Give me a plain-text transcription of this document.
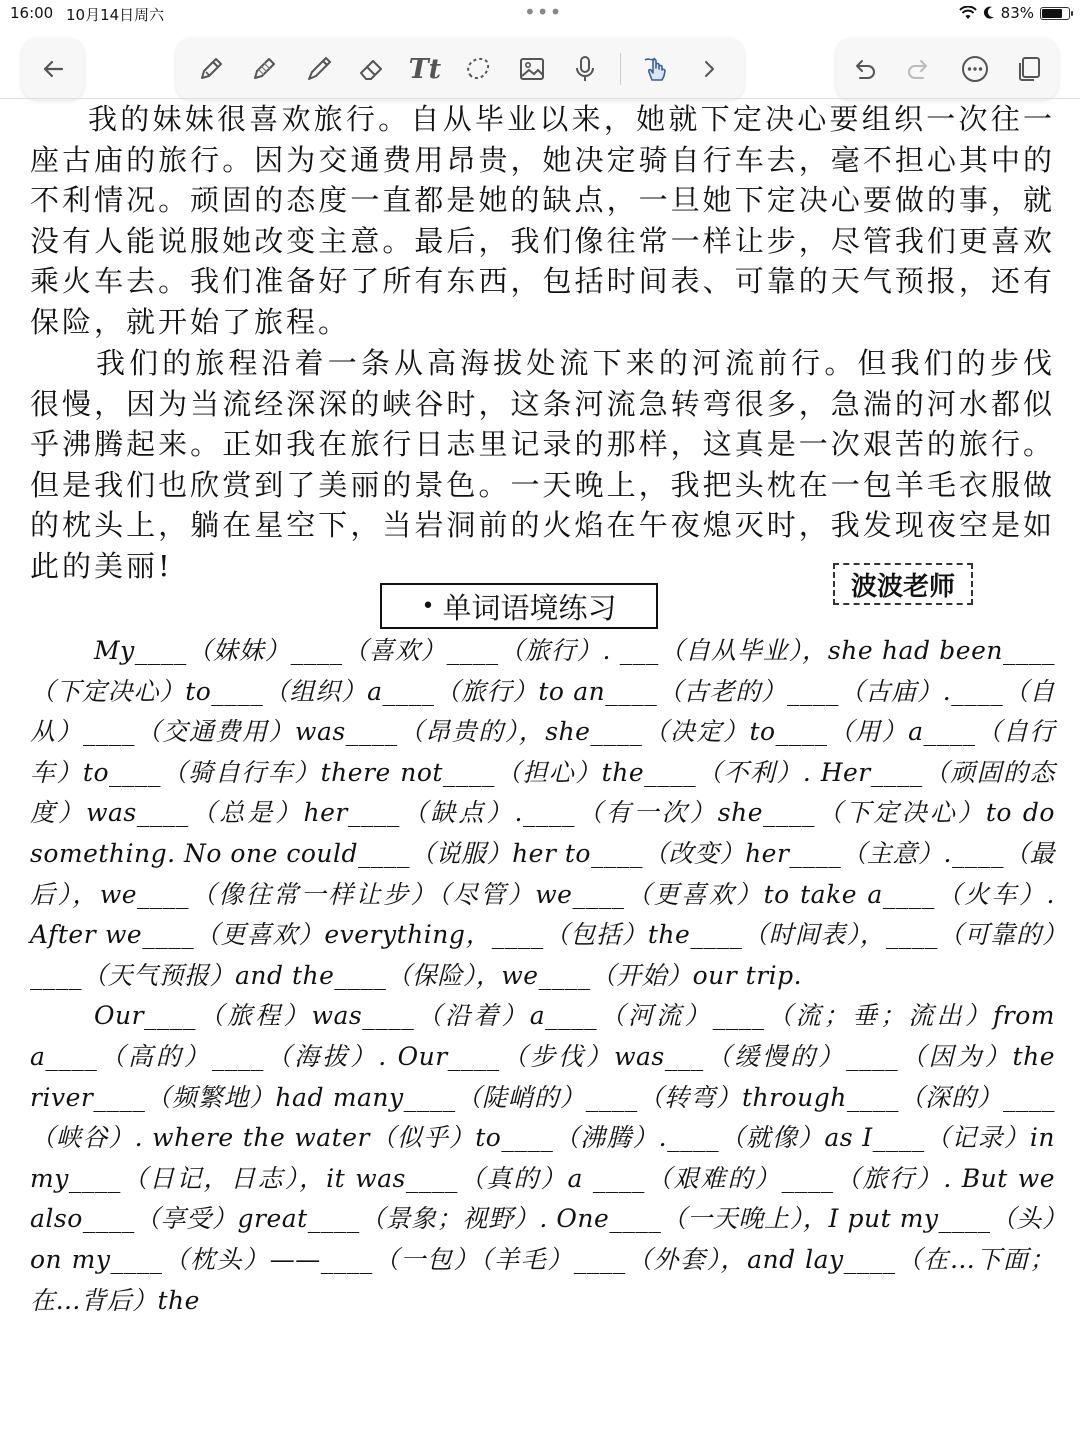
16:00 10月14日周六	•••	83%
Tt

我的妹妹很喜欢旅行。自从毕业以来，她就下定决心要组织一次往一座古庙的旅行。因为交通费用昂贵，她决定骑自行车去，毫不担心其中的不利情况。顽固的态度一直都是她的缺点，一旦她下定决心要做的事，就没有人能说服她改变主意。最后，我们像往常一样让步，尽管我们更喜欢乘火车去。我们准备好了所有东西，包括时间表、可靠的天气预报，还有保险，就开始了旅程。

我们的旅程沿着一条从高海拔处流下来的河流前行。但我们的步伐很慢，因为当流经深深的峡谷时，这条河流急转弯很多，急湍的河水都似乎沸腾起来。正如我在旅行日志里记录的那样，这真是一次艰苦的旅行。但是我们也欣赏到了美丽的景色。一天晚上，我把头枕在一包羊毛衣服做的枕头上，躺在星空下，当岩洞前的火焰在午夜熄灭时，我发现夜空是如此的美丽!

波波老师
• 单词语境练习

My____（妹妹）____（喜欢）____（旅行）. ___（自从毕业），she had been____（下定决心）to____（组织）a____（旅行）to an____（古老的）____（古庙）.____（自从）____（交通费用）was____（昂贵的），she____（决定）to____（用）a____（自行车）to____（骑自行车）there not____（担心）the____（不利）. Her____（顽固的态度）was____（总是）her____（缺点）.____（有一次）she____（下定决心）to do something. No one could____（说服）her to____（改变）her____（主意）.____（最后），we____（像往常一样让步）（尽管）we____（更喜欢）to take a____（火车）. After we____（更喜欢）everything，____（包括）the____（时间表），____（可靠的）____（天气预报）and the____（保险），we____（开始）our trip.

Our____（旅程）was____（沿着）a____（河流）____（流；垂；流出）from a____（高的）____（海拔）. Our____（步伐）was___（缓慢的）____（因为）the river____（频繁地）had many____（陡峭的）____（转弯）through____（深的）____（峡谷）. where the water（似乎）to____（沸腾）.____（就像）as I____（记录）in my____（日记，日志），it was____（真的）a ____（艰难的）____（旅行）. But we also____（享受）great____（景象；视野）. One____（一天晚上），I put my____（头）on my____（枕头）——____（一包）（羊毛）____（外套），and lay____（在…下面；在…背后）the
